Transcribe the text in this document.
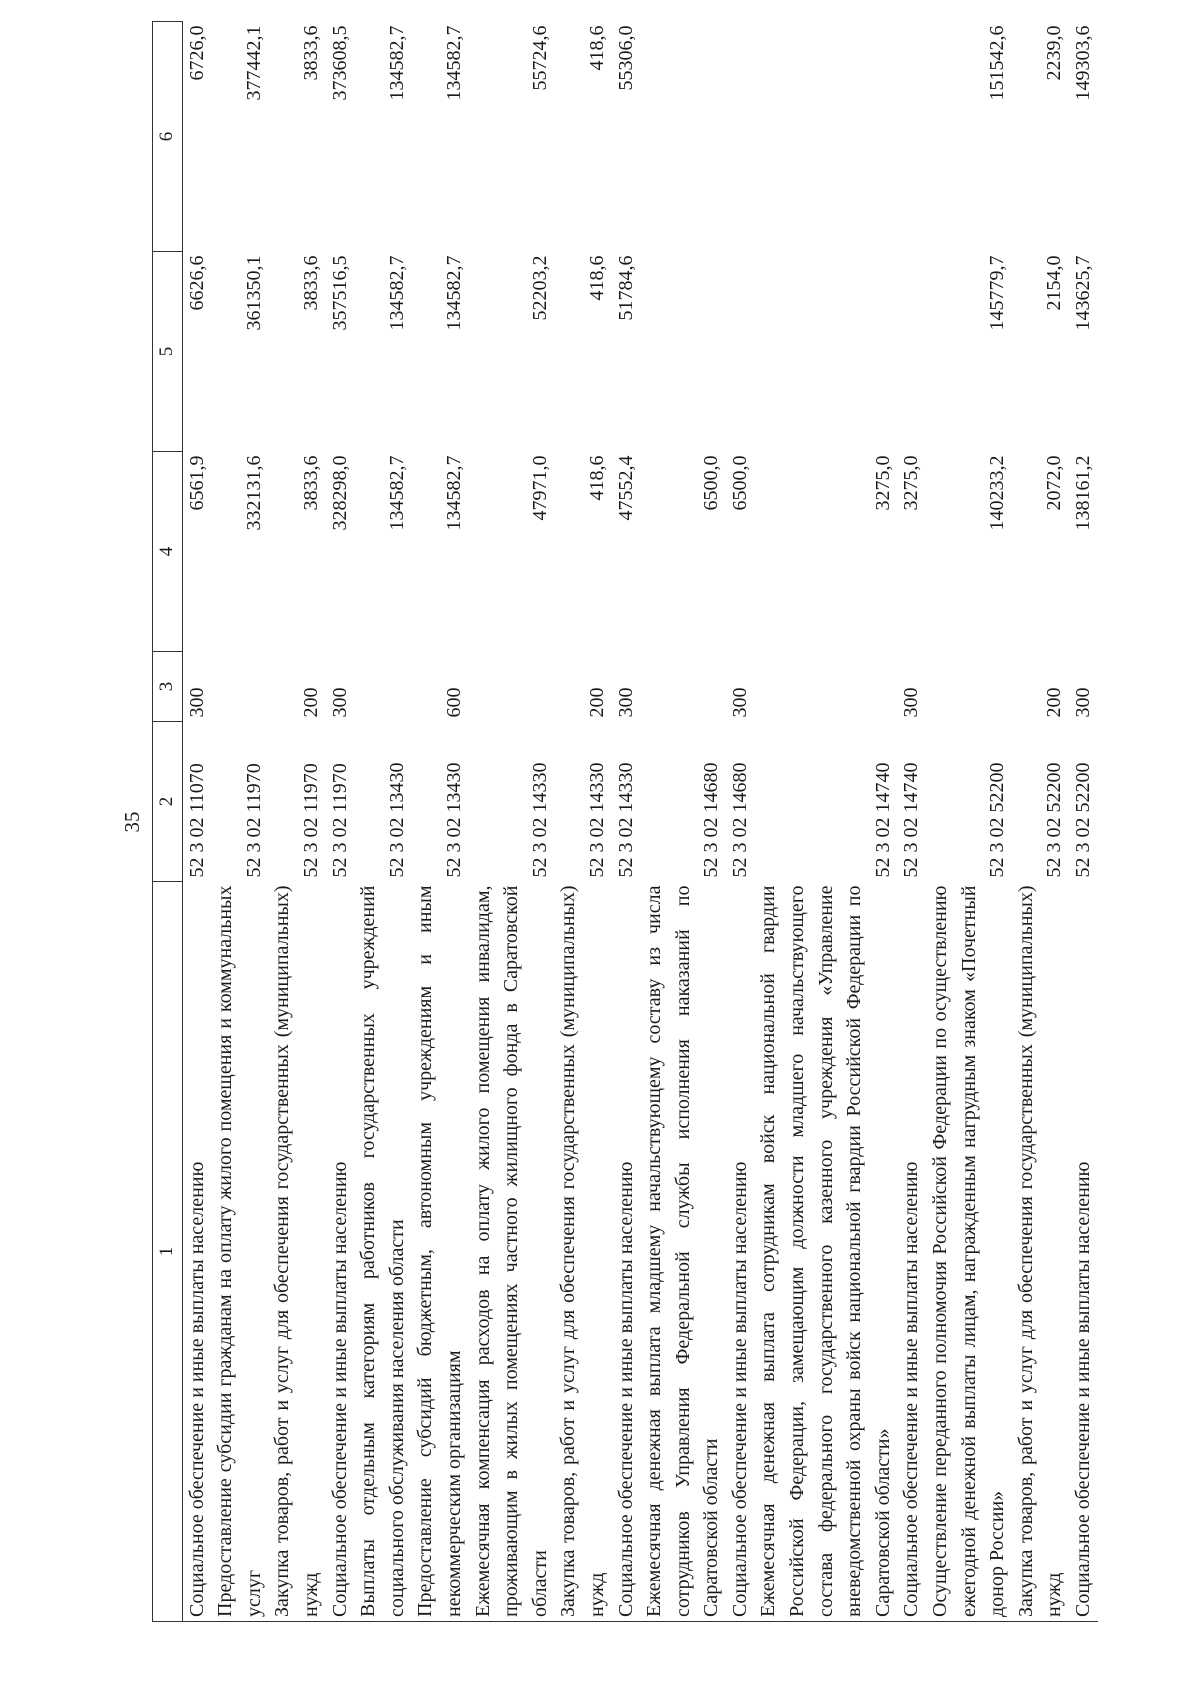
35
1	2	3	4	5	6
Социальное обеспечение и иные выплаты населению	52 3 02 11070	300	6561,9	6626,6	6726,0
Предоставление субсидии гражданам на оплату жилого помещения и коммунальных услуг	52 3 02 11970		332131,6	361350,1	377442,1
Закупка товаров, работ и услуг для обеспечения государственных (муниципальных) нужд	52 3 02 11970	200	3833,6	3833,6	3833,6
Социальное обеспечение и иные выплаты населению	52 3 02 11970	300	328298,0	357516,5	373608,5
Выплаты отдельным категориям работников государственных учреждений социального обслуживания населения области	52 3 02 13430		134582,7	134582,7	134582,7
Предоставление субсидий бюджетным, автономным учреждениям и иным некоммерческим организациям	52 3 02 13430	600	134582,7	134582,7	134582,7
Ежемесячная компенсация расходов на оплату жилого помещения инвалидам, проживающим в жилых помещениях частного жилищного фонда в Саратовской области	52 3 02 14330		47971,0	52203,2	55724,6
Закупка товаров, работ и услуг для обеспечения государственных (муниципальных) нужд	52 3 02 14330	200	418,6	418,6	418,6
Социальное обеспечение и иные выплаты населению	52 3 02 14330	300	47552,4	51784,6	55306,0
Ежемесячная денежная выплата младшему начальствующему составу из числа сотрудников Управления Федеральной службы исполнения наказаний по Саратовской области	52 3 02 14680		6500,0		
Социальное обеспечение и иные выплаты населению	52 3 02 14680	300	6500,0		
Ежемесячная денежная выплата сотрудникам войск национальной гвардии Российской Федерации, замещающим должности младшего начальствующего состава федерального государственного казенного учреждения «Управление вневедомственной охраны войск национальной гвардии Российской Федерации по Саратовской области»	52 3 02 14740		3275,0		
Социальное обеспечение и иные выплаты населению	52 3 02 14740	300	3275,0		
Осуществление переданного полномочия Российской Федерации по осуществлению ежегодной денежной выплаты лицам, награжденным нагрудным знаком «Почетный донор России»	52 3 02 52200		140233,2	145779,7	151542,6
Закупка товаров, работ и услуг для обеспечения государственных (муниципальных) нужд	52 3 02 52200	200	2072,0	2154,0	2239,0
Социальное обеспечение и иные выплаты населению	52 3 02 52200	300	138161,2	143625,7	149303,6
